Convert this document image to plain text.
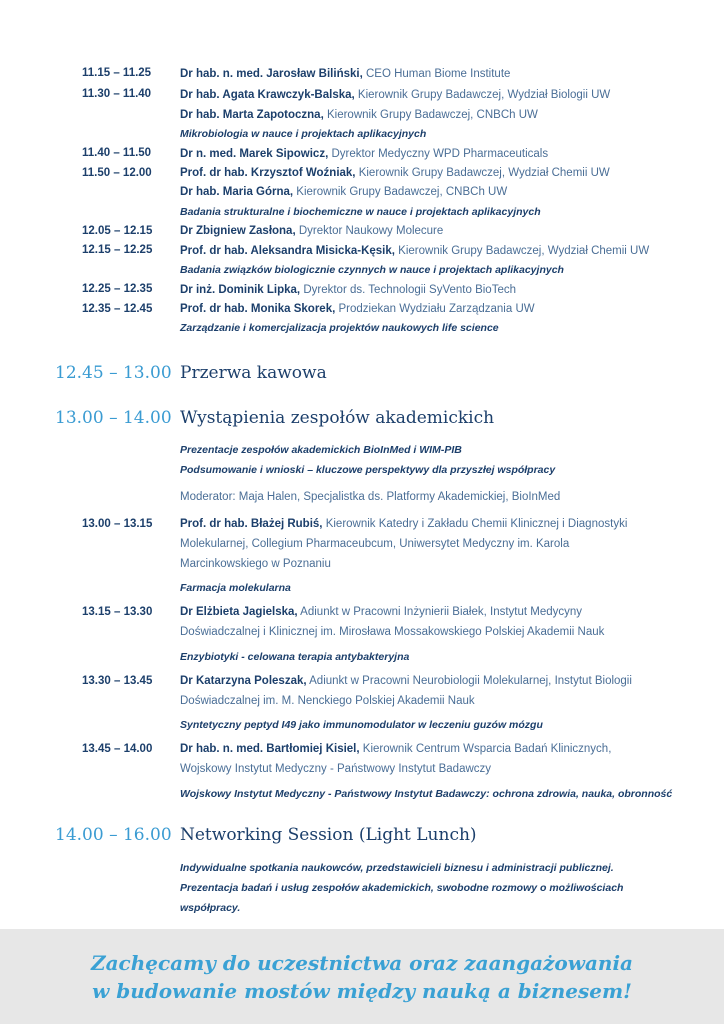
11.15 – 11.25	Dr hab. n. med. Jarosław Biliński, CEO Human Biome Institute
11.30 – 11.40	Dr hab. Agata Krawczyk-Balska, Kierownik Grupy Badawczej, Wydział Biologii UW
Dr hab. Marta Zapotoczna, Kierownik Grupy Badawczej, CNBCh UW
Mikrobiologia w nauce i projektach aplikacyjnych
11.40 – 11.50	Dr n. med. Marek Sipowicz, Dyrektor Medyczny WPD Pharmaceuticals
11.50 – 12.00 Prof. dr hab. Krzysztof Woźniak, Kierownik Grupy Badawczej, Wydział Chemii UW
Dr hab. Maria Górna, Kierownik Grupy Badawczej, CNBCh UW
Badania strukturalne i biochemiczne w nauce i projektach aplikacyjnych
12.05 – 12.15 Dr Zbigniew Zasłona, Dyrektor Naukowy Molecure
12.15 – 12.25 Prof. dr hab. Aleksandra Misicka-Kęsik, Kierownik Grupy Badawczej, Wydział Chemii UW
Badania związków biologicznie czynnych w nauce i projektach aplikacyjnych
12.25 – 12.35 Dr inż. Dominik Lipka, Dyrektor ds. Technologii SyVento BioTech
12.35 – 12.45 Prof. dr hab. Monika Skorek, Prodziekan Wydziału Zarządzania UW
Zarządzanie i komercjalizacja projektów naukowych life science
12.45 – 13.00 Przerwa kawowa
13.00 – 14.00 Wystąpienia zespołów akademickich
Prezentacje zespołów akademickich BioInMed i WIM-PIB
Podsumowanie i wnioski – kluczowe perspektywy dla przyszłej współpracy
Moderator: Maja Halen, Specjalistka ds. Platformy Akademickiej, BioInMed
13.00 – 13.15 Prof. dr hab. Błażej Rubiś, Kierownik Katedry i Zakładu Chemii Klinicznej i Diagnostyki Molekularnej, Collegium Pharmaceubcum, Uniwersytet Medyczny im. Karola Marcinkowskiego w Poznaniu
Farmacja molekularna
13.15 – 13.30 Dr Elżbieta Jagielska, Adiunkt w Pracowni Inżynierii Białek, Instytut Medycyny Doświadczalnej i Klinicznej im. Mirosława Mossakowskiego Polskiej Akademii Nauk
Enzybiotyki - celowana terapia antybakteryjna
13.30 – 13.45 Dr Katarzyna Poleszak, Adiunkt w Pracowni Neurobiologii Molekularnej, Instytut Biologii Doświadczalnej im. M. Nenckiego Polskiej Akademii Nauk
Syntetyczny peptyd I49 jako immunomodulator w leczeniu guzów mózgu
13.45 – 14.00 Dr hab. n. med. Bartłomiej Kisiel, Kierownik Centrum Wsparcia Badań Klinicznych, Wojskowy Instytut Medyczny - Państwowy Instytut Badawczy
Wojskowy Instytut Medyczny - Państwowy Instytut Badawczy: ochrona zdrowia, nauka, obronność
14.00 – 16.00 Networking Session (Light Lunch)
Indywidualne spotkania naukowców, przedstawicieli biznesu i administracji publicznej.
Prezentacja badań i usług zespołów akademickich, swobodne rozmowy o możliwościach współpracy.
Zachęcamy do uczestnictwa oraz zaangażowania
w budowanie mostów między nauką a biznesem!
